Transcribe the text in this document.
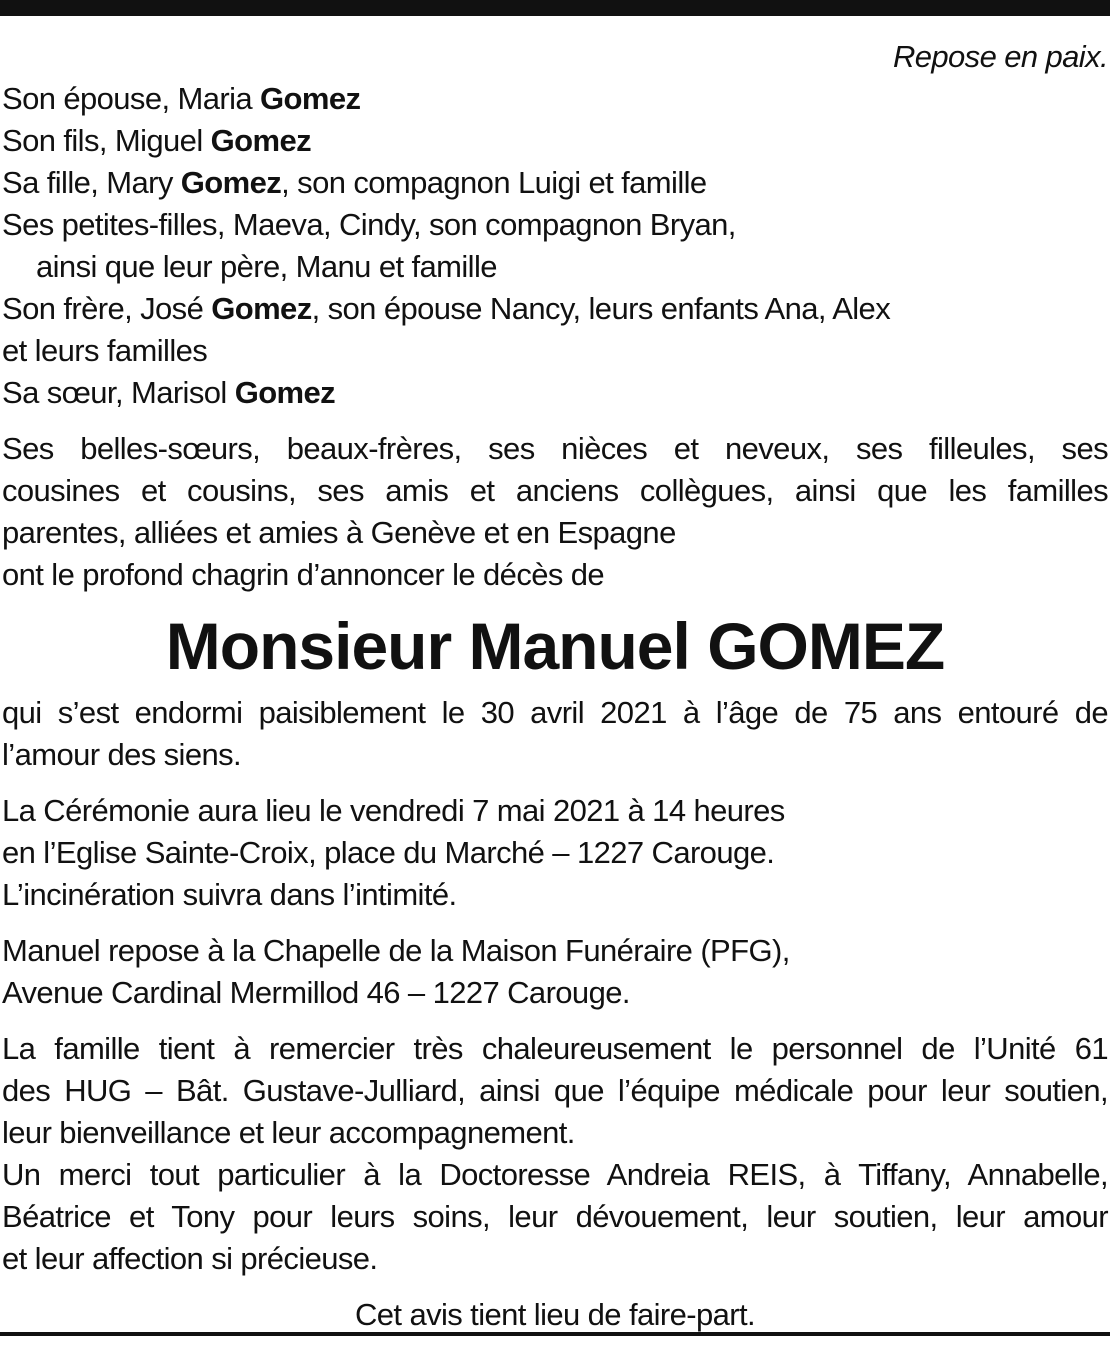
Repose en paix.
Son épouse, Maria Gomez
Son fils, Miguel Gomez
Sa fille, Mary Gomez, son compagnon Luigi et famille
Ses petites-filles, Maeva, Cindy, son compagnon Bryan,
ainsi que leur père, Manu et famille
Son frère, José Gomez, son épouse Nancy, leurs enfants Ana, Alex
et leurs familles
Sa sœur, Marisol Gomez
Ses belles-sœurs, beaux-frères, ses nièces et neveux, ses filleules, ses
cousines et cousins, ses amis et anciens collègues, ainsi que les familles
parentes, alliées et amies à Genève et en Espagne
ont le profond chagrin d’annoncer le décès de
Monsieur Manuel GOMEZ
qui s’est endormi paisiblement le 30 avril 2021 à l’âge de 75 ans entouré de
l’amour des siens.
La Cérémonie aura lieu le vendredi 7 mai 2021 à 14 heures
en l’Eglise Sainte-Croix, place du Marché – 1227 Carouge.
L’incinération suivra dans l’intimité.
Manuel repose à la Chapelle de la Maison Funéraire (PFG),
Avenue Cardinal Mermillod 46 – 1227 Carouge.
La famille tient à remercier très chaleureusement le personnel de l’Unité 61
des HUG – Bât. Gustave-Julliard, ainsi que l’équipe médicale pour leur soutien,
leur bienveillance et leur accompagnement.
Un merci tout particulier à la Doctoresse Andreia REIS, à Tiffany, Annabelle,
Béatrice et Tony pour leurs soins, leur dévouement, leur soutien, leur amour
et leur affection si précieuse.
Cet avis tient lieu de faire-part.
